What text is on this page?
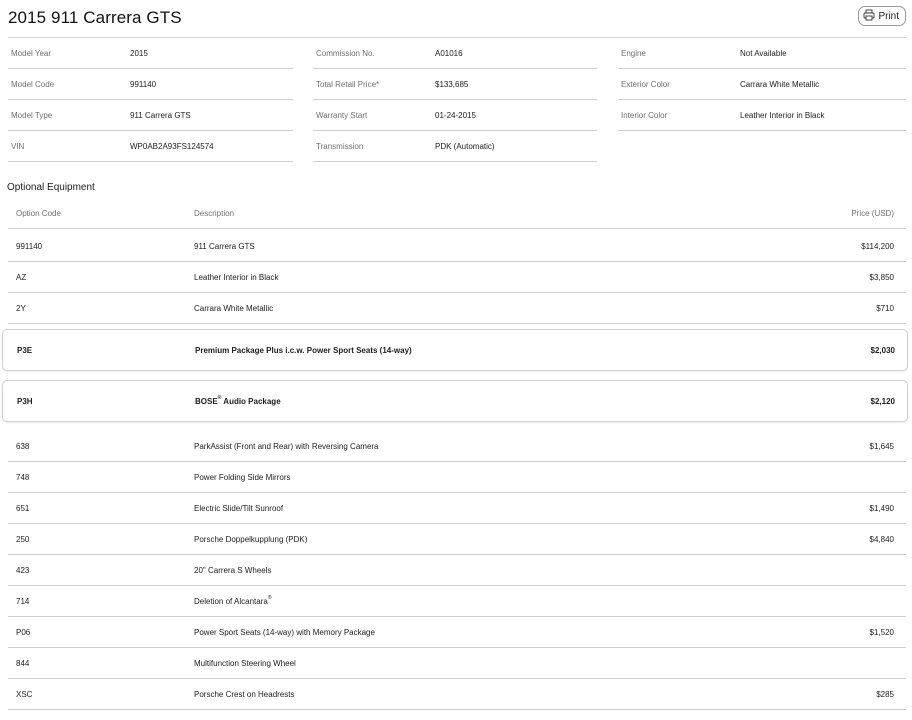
2015 911 Carrera GTS	Print
Model Year	2015
Model Code	991140
Model Type	911 Carrera GTS
VIN	WP0AB2A93FS124574
Commission No.	A01016
Total Retail Price*	$133,685
Warranty Start	01-24-2015
Transmission	PDK (Automatic)
Engine	Not Available
Exterior Color	Carrara White Metallic
Interior Color	Leather Interior in Black
Optional Equipment
Option Code	Description	Price (USD)
991140	911 Carrera GTS	$114,200
AZ	Leather Interior in Black	$3,850
2Y	Carrara White Metallic	$710
P3E	Premium Package Plus i.c.w. Power Sport Seats (14-way)	$2,030
P3H	BOSE® Audio Package	$2,120
638	ParkAssist (Front and Rear) with Reversing Camera	$1,645
748	Power Folding Side Mirrors
651	Electric Slide/Tilt Sunroof	$1,490
250	Porsche Doppelkupplung (PDK)	$4,840
423	20" Carrera S Wheels
714	Deletion of Alcantara®
P06	Power Sport Seats (14-way) with Memory Package	$1,520
844	Multifunction Steering Wheel
XSC	Porsche Crest on Headrests	$285
